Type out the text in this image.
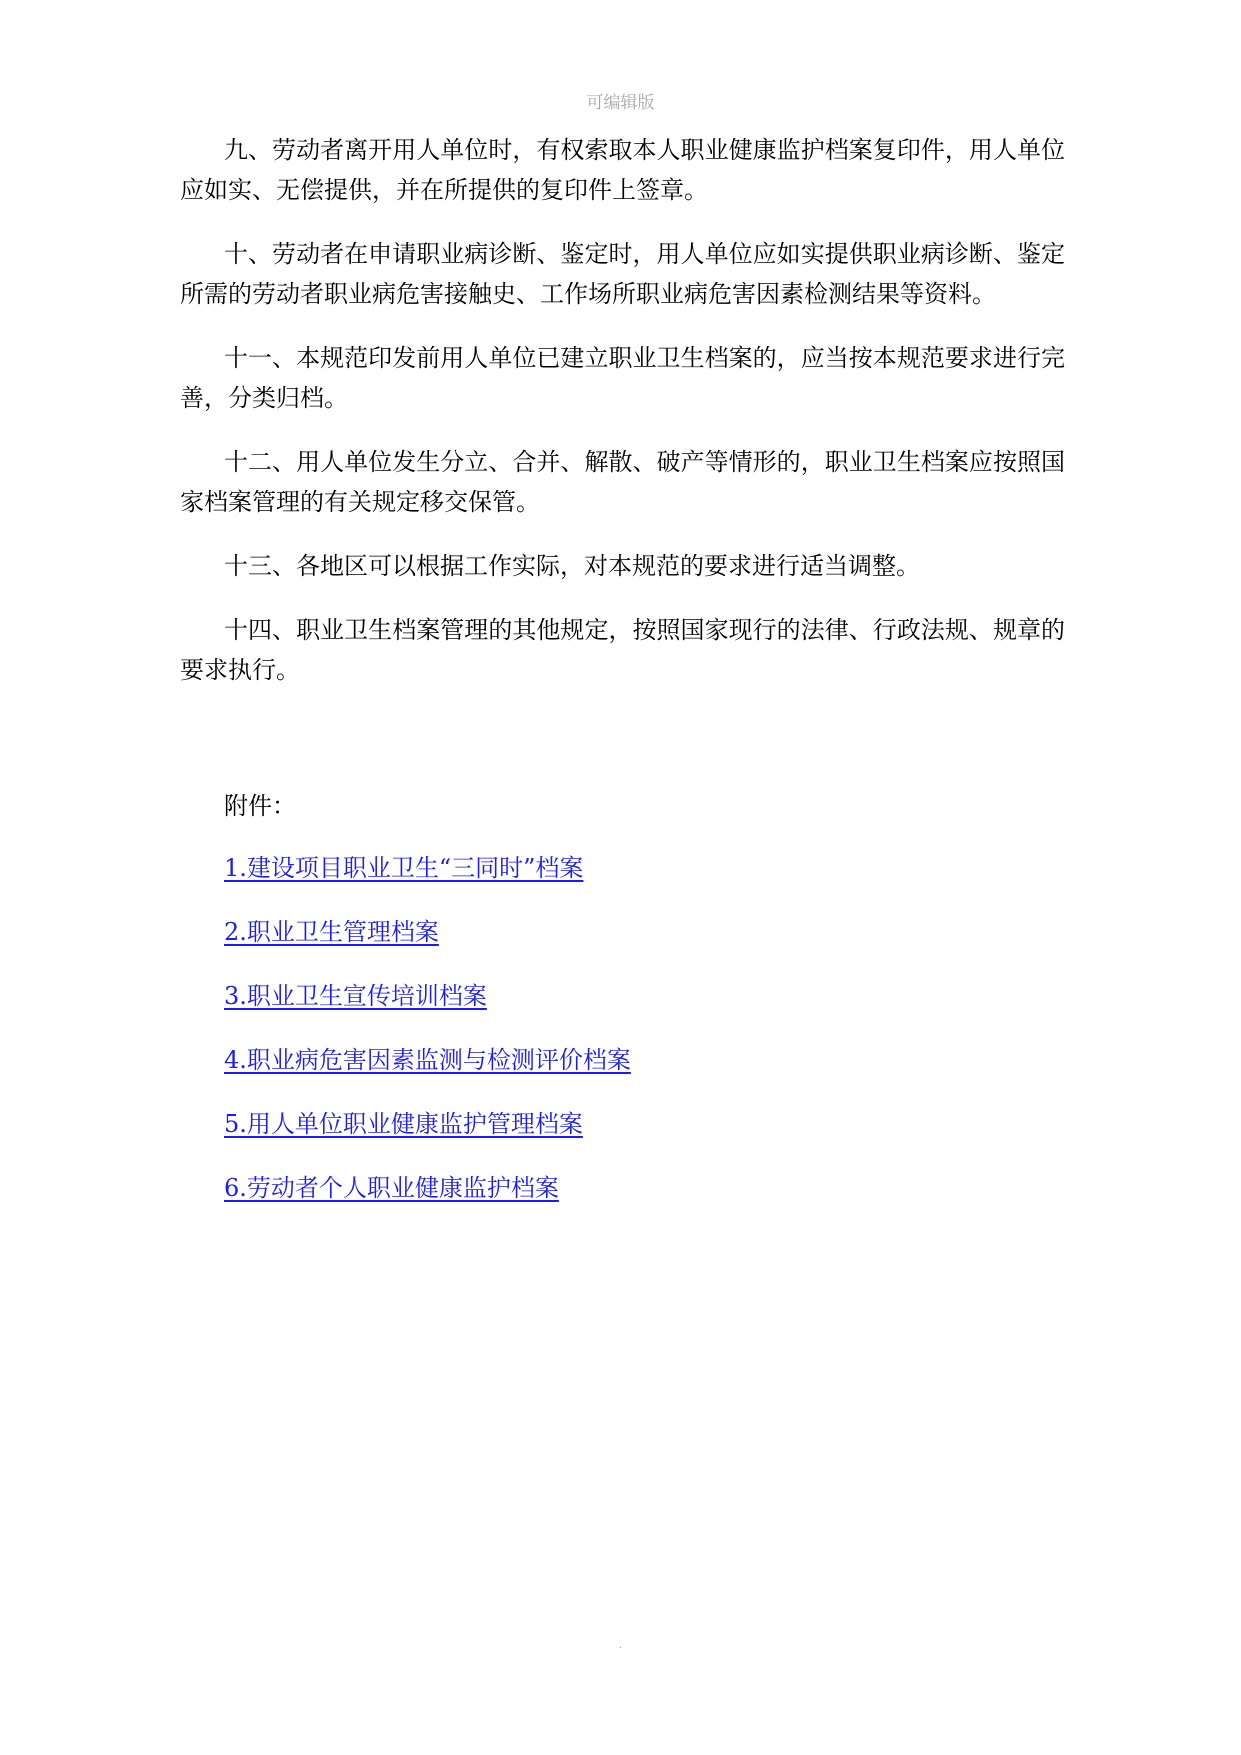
可编辑版

九、劳动者离开用人单位时，有权索取本人职业健康监护档案复印件，用人单位应如实、无偿提供，并在所提供的复印件上签章。

十、劳动者在申请职业病诊断、鉴定时，用人单位应如实提供职业病诊断、鉴定所需的劳动者职业病危害接触史、工作场所职业病危害因素检测结果等资料。

十一、本规范印发前用人单位已建立职业卫生档案的，应当按本规范要求进行完善，分类归档。

十二、用人单位发生分立、合并、解散、破产等情形的，职业卫生档案应按照国家档案管理的有关规定移交保管。

十三、各地区可以根据工作实际，对本规范的要求进行适当调整。

十四、职业卫生档案管理的其他规定，按照国家现行的法律、行政法规、规章的要求执行。

附件：
1.建设项目职业卫生“三同时”档案
2.职业卫生管理档案
3.职业卫生宣传培训档案
4.职业病危害因素监测与检测评价档案
5.用人单位职业健康监护管理档案
6.劳动者个人职业健康监护档案
.
